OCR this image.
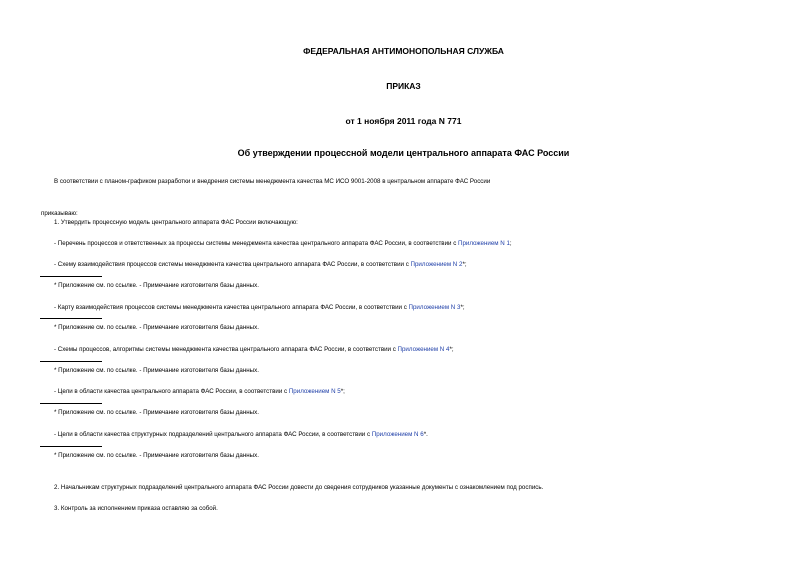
ФЕДЕРАЛЬНАЯ АНТИМОНОПОЛЬНАЯ СЛУЖБА
ПРИКАЗ
от 1 ноября 2011 года N 771
Об утверждении процессной модели центрального аппарата ФАС России
В соответствии с планом-графиком разработки и внедрения системы менеджмента качества МС ИСО 9001-2008 в центральном аппарате ФАС России
приказываю:
1. Утвердить процессную модель центрального аппарата ФАС России включающую:
- Перечень процессов и ответственных за процессы системы менеджмента качества центрального аппарата ФАС России, в соответствии с Приложением N 1;
- Схему взаимодействия процессов системы менеджмента качества центрального аппарата ФАС России, в соответствии с Приложением N 2*;
* Приложение см. по ссылке. - Примечание изготовителя базы данных.
- Карту взаимодействия процессов системы менеджмента качества центрального аппарата ФАС России, в соответствии с Приложением N 3*;
* Приложение см. по ссылке. - Примечание изготовителя базы данных.
- Схемы процессов, алгоритмы системы менеджмента качества центрального аппарата ФАС России, в соответствии с Приложением N 4*;
* Приложение см. по ссылке. - Примечание изготовителя базы данных.
- Цели в области качества центрального аппарата ФАС России, в соответствии с Приложением N 5*;
* Приложение см. по ссылке. - Примечание изготовителя базы данных.
- Цели в области качества структурных подразделений центрального аппарата ФАС России, в соответствии с Приложением N 6*.
* Приложение см. по ссылке. - Примечание изготовителя базы данных.
2. Начальникам структурных подразделений центрального аппарата ФАС России довести до сведения сотрудников указанные документы с ознакомлением под роспись.
3. Контроль за исполнением приказа оставляю за собой.
